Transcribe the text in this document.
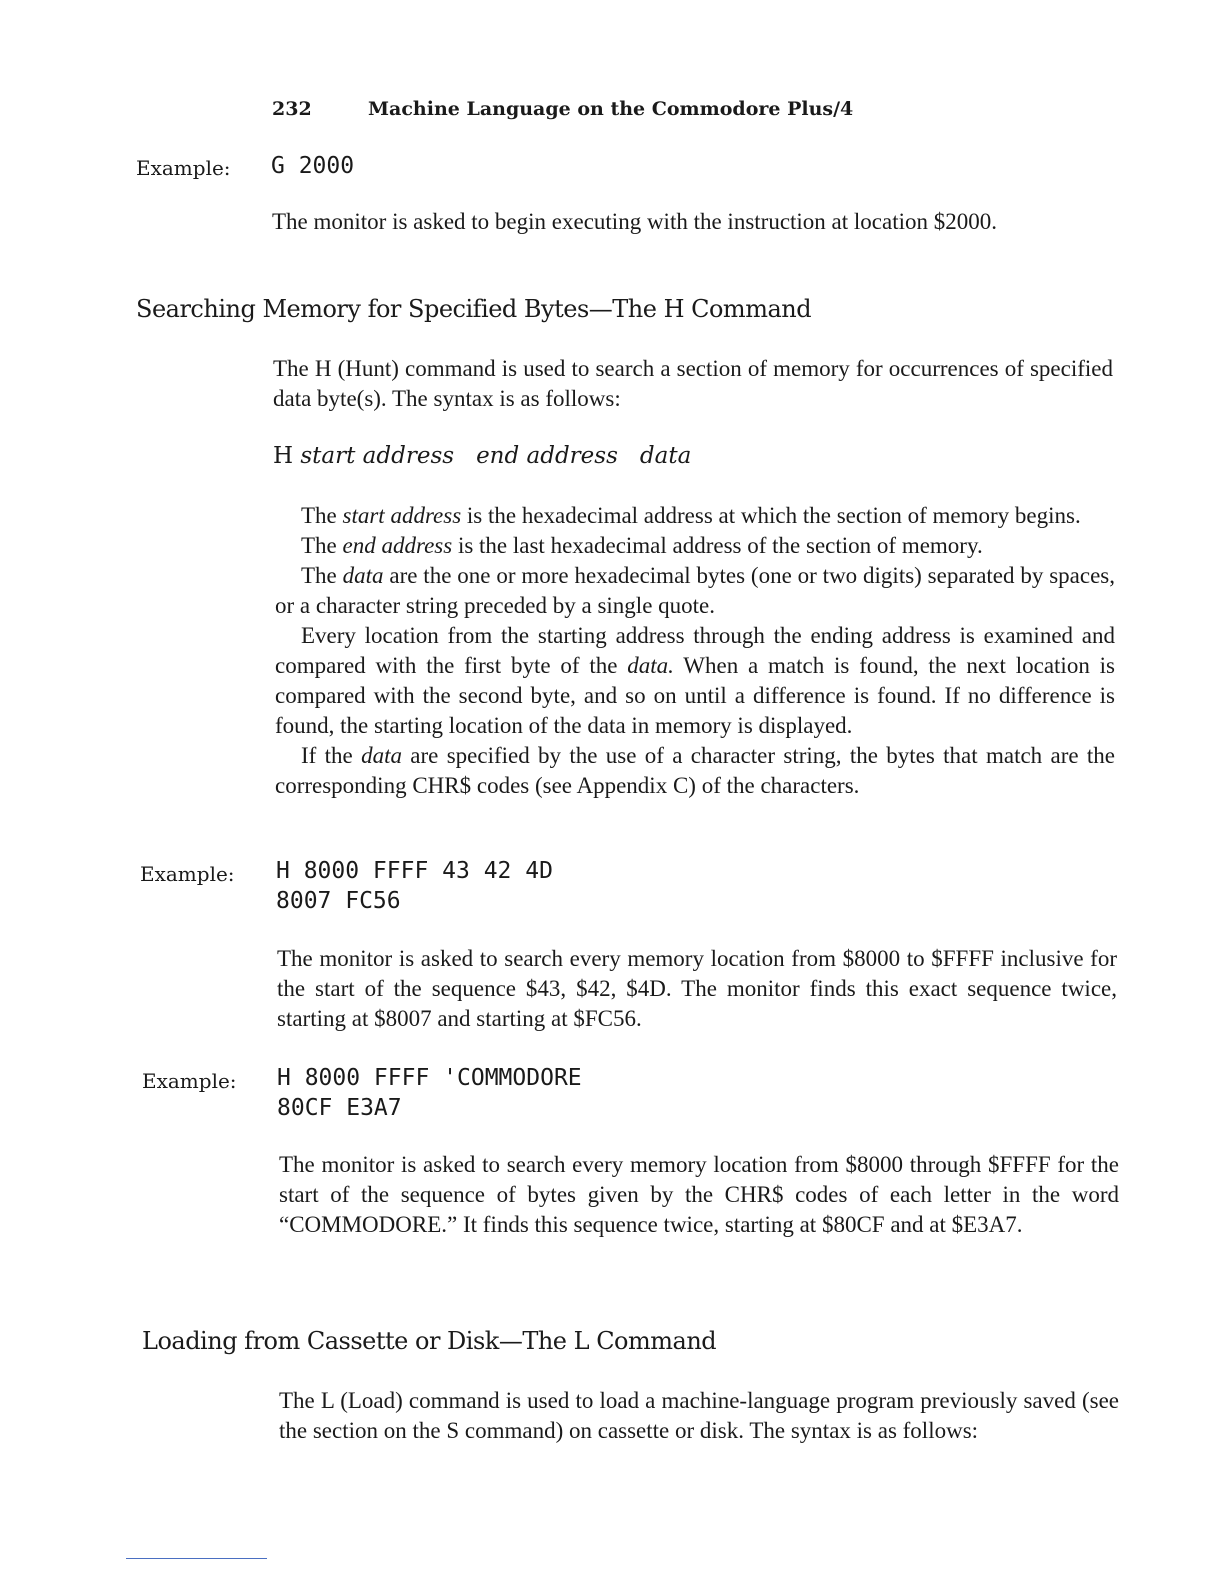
232	Machine Language on the Commodore Plus/4
Example: G 2000

The monitor is asked to begin executing with the instruction at location $2000.

Searching Memory for Specified Bytes—The H Command

The H (Hunt) command is used to search a section of memory for occurrences of specified data byte(s). The syntax is as follows:

H start address end address data

The start address is the hexadecimal address at which the section of memory begins.

The end address is the last hexadecimal address of the section of memory.

The data are the one or more hexadecimal bytes (one or two digits) separated by spaces, or a character string preceded by a single quote.

Every location from the starting address through the ending address is examined and compared with the first byte of the data. When a match is found, the next location is compared with the second byte, and so on until a difference is found. If no difference is found, the starting location of the data in memory is displayed.

If the data are specified by the use of a character string, the bytes that match are the corresponding CHR$ codes (see Appendix C) of the characters.

Example: H 8000 FFFF 43 42 4D
8007 FC56

The monitor is asked to search every memory location from $8000 to $FFFF inclusive for the start of the sequence $43, $42, $4D. The monitor finds this exact sequence twice, starting at $8007 and starting at $FC56.

Example: H 8000 FFFF 'COMMODORE
80CF E3A7

The monitor is asked to search every memory location from $8000 through $FFFF for the start of the sequence of bytes given by the CHR$ codes of each letter in the word “COMMODORE.” It finds this sequence twice, starting at $80CF and at $E3A7.

Loading from Cassette or Disk—The L Command

The L (Load) command is used to load a machine-language program previously saved (see the section on the S command) on cassette or disk. The syntax is as follows:
